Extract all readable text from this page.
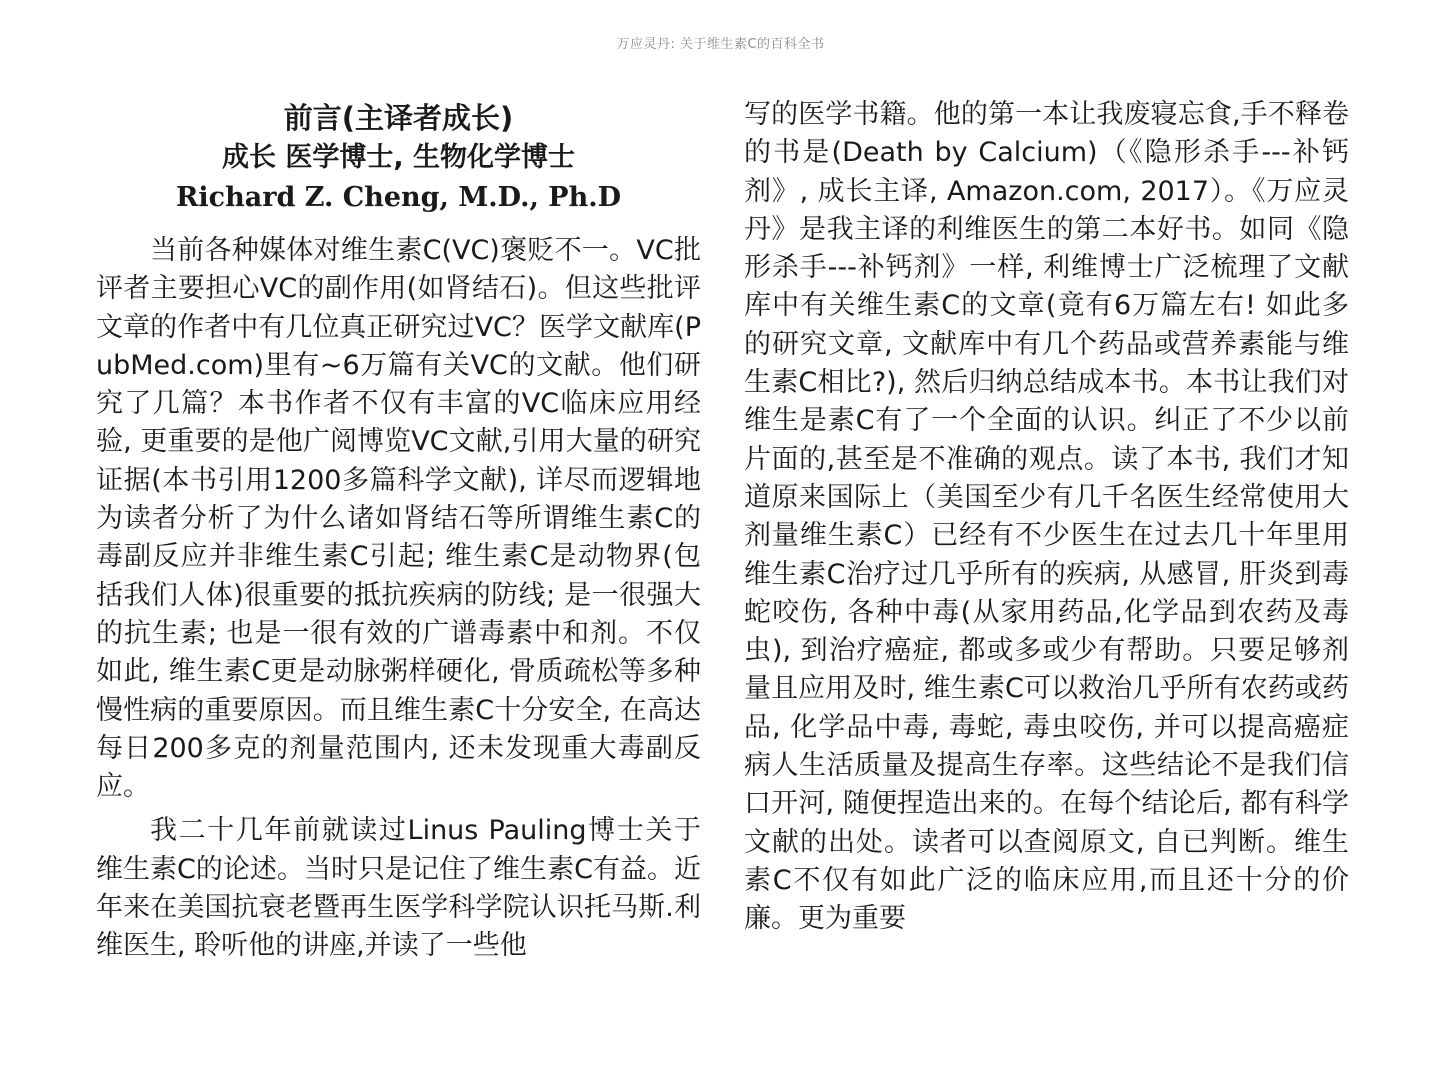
万应灵丹: 关于维生素C的百科全书
前言(主译者成长)
成长 医学博士, 生物化学博士
Richard Z. Cheng, M.D., Ph.D

当前各种媒体对维生素C(VC)褒贬不一。VC批评者主要担心VC的副作用(如肾结石)。但这些批评文章的作者中有几位真正研究过VC？医学文献库(PubMed.com)里有~6万篇有关VC的文献。他们研究了几篇？本书作者不仅有丰富的VC临床应用经验, 更重要的是他广阅博览VC文献,引用大量的研究证据(本书引用1200多篇科学文献), 详尽而逻辑地为读者分析了为什么诸如肾结石等所谓维生素C的毒副反应并非维生素C引起; 维生素C是动物界(包括我们人体)很重要的抵抗疾病的防线; 是一很强大的抗生素; 也是一很有效的广谱毒素中和剂。不仅如此, 维生素C更是动脉粥样硬化, 骨质疏松等多种慢性病的重要原因。而且维生素C十分安全, 在高达每日200多克的剂量范围内, 还未发现重大毒副反应。

我二十几年前就读过Linus Pauling博士关于维生素C的论述。当时只是记住了维生素C有益。近年来在美国抗衰老暨再生医学科学院认识托马斯.利维医生, 聆听他的讲座,并读了一些他

写的医学书籍。他的第一本让我废寝忘食,手不释卷的书是(Death by Calcium)（《隐形杀手---补钙剂》, 成长主译, Amazon.com, 2017）。《万应灵丹》是我主译的利维医生的第二本好书。如同《隐形杀手---补钙剂》一样, 利维博士广泛梳理了文献库中有关维生素C的文章(竟有6万篇左右! 如此多的研究文章, 文献库中有几个药品或营养素能与维生素C相比?), 然后归纳总结成本书。本书让我们对维生是素C有了一个全面的认识。纠正了不少以前片面的,甚至是不准确的观点。读了本书, 我们才知道原来国际上（美国至少有几千名医生经常使用大剂量维生素C）已经有不少医生在过去几十年里用维生素C治疗过几乎所有的疾病, 从感冒, 肝炎到毒蛇咬伤, 各种中毒(从家用药品,化学品到农药及毒虫), 到治疗癌症, 都或多或少有帮助。只要足够剂量且应用及时, 维生素C可以救治几乎所有农药或药品, 化学品中毒, 毒蛇, 毒虫咬伤, 并可以提高癌症病人生活质量及提高生存率。这些结论不是我们信口开河, 随便捏造出来的。在每个结论后, 都有科学文献的出处。读者可以查阅原文, 自已判断。维生素C不仅有如此广泛的临床应用,而且还十分的价廉。更为重要
